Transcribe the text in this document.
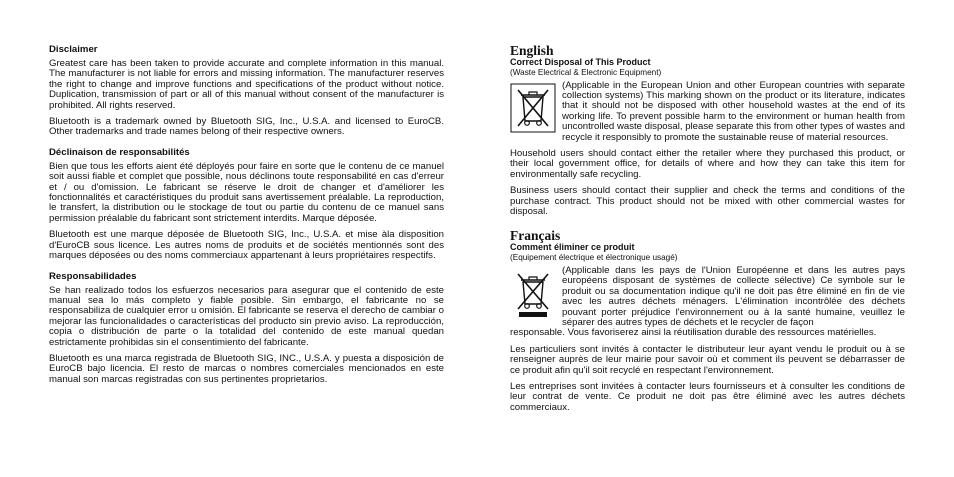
Disclaimer

Greatest care has been taken to provide accurate and complete information in this manual. The manufacturer is not liable for errors and missing information. The manufacturer reserves the right to change and improve functions and specifications of the product without notice. Duplication, transmission of part or all of this manual without consent of the manufacturer is prohibited. All rights reserved.

Bluetooth is a trademark owned by Bluetooth SIG, Inc., U.S.A. and licensed to EuroCB. Other trademarks and trade names belong of their respective owners.

Déclinaison de responsabilités

Bien que tous les efforts aient été déployés pour faire en sorte que le contenu de ce manuel soit aussi fiable et complet que possible, nous déclinons toute responsabilité en cas d'erreur et / ou d'omission. Le fabricant se réserve le droit de changer et d'améliorer les fonctionnalités et caractéristiques du produit sans avertissement préalable. La reproduction, le transfert, la distribution ou le stockage de tout ou partie du contenu de ce manuel sans permission préalable du fabricant sont strictement interdits. Marque déposée.

Bluetooth est une marque déposée de Bluetooth SIG, Inc., U.S.A. et mise àla disposition d'EuroCB sous licence. Les autres noms de produits et de sociétés mentionnés sont des marques déposées ou des noms commerciaux appartenant à leurs propriétaires respectifs.

Responsabilidades

Se han realizado todos los esfuerzos necesarios para asegurar que el contenido de este manual sea lo más completo y fiable posible. Sin embargo, el fabricante no se responsabiliza de cualquier error u omisión. El fabricante se reserva el derecho de cambiar o mejorar las funcionalidades o características del producto sin previo aviso. La reproducción, copia o distribución de parte o la totalidad del contenido de este manual quedan estrictamente prohibidas sin el consentimiento del fabricante.

Bluetooth es una marca registrada de Bluetooth SIG, INC., U.S.A. y puesta a disposición de EuroCB bajo licencia. El resto de marcas o nombres comerciales mencionados en este manual son marcas registradas con sus pertinentes proprietarios.

English
Correct Disposal of This Product
(Waste Electrical & Electronic Equipment)

(Applicable in the European Union and other European countries with separate collection systems) This marking shown on the product or its literature, indicates that it should not be disposed with other household wastes at the end of its working life. To prevent possible harm to the environment or human health from uncontrolled waste disposal, please separate this from other types of wastes and recycle it responsibly to promote the sustainable reuse of material resources.

Household users should contact either the retailer where they purchased this product, or their local government office, for details of where and how they can take this item for environmentally safe recycling.

Business users should contact their supplier and check the terms and conditions of the purchase contract. This product should not be mixed with other commercial wastes for disposal.

Français
Comment éliminer ce produit
(Equipement électrique et électronique usagé)

(Applicable dans les pays de l'Union Européenne et dans les autres pays européens disposant de systèmes de collecte sélective) Ce symbole sur le produit ou sa documentation indique qu'il ne doit pas être éliminé en fin de vie avec les autres déchets ménagers. L'élimination incontrôlée des déchets pouvant porter préjudice l'environnement ou à la santé humaine, veuillez le séparer des autres types de déchets et le recycler de façon

responsable. Vous favoriserez ainsi la réutilisation durable des ressources matérielles.

Les particuliers sont invités à contacter le distributeur leur ayant vendu le produit ou à se renseigner auprès de leur mairie pour savoir où et comment ils peuvent se débarrasser de ce produit afin qu'il soit recyclé en respectant l'environnement.

Les entreprises sont invitées à contacter leurs fournisseurs et à consulter les conditions de leur contrat de vente. Ce produit ne doit pas être éliminé avec les autres déchets commerciaux.
